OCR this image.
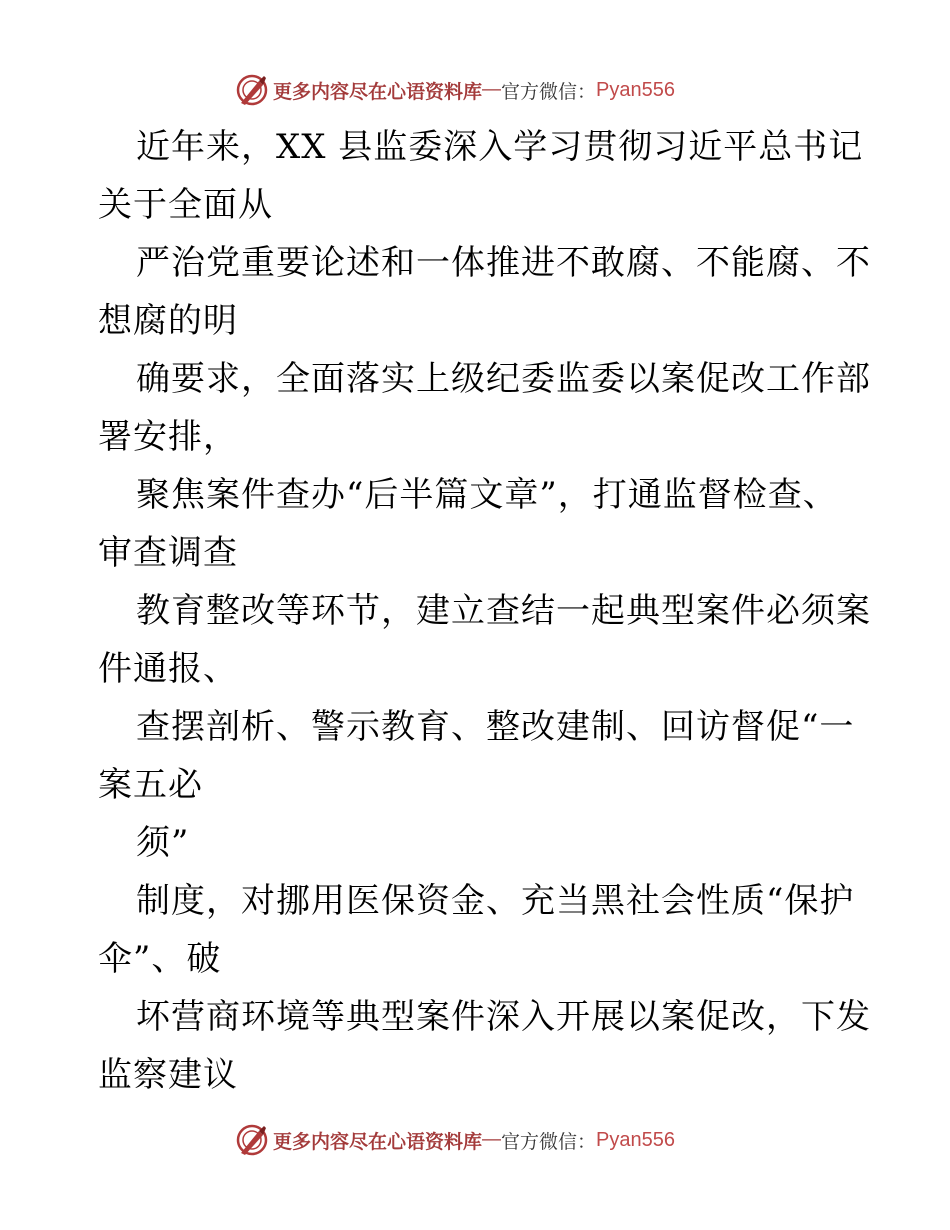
更多内容尽在心语资料库 — 官方微信： Pyan556
近年来，XX 县监委深入学习贯彻习近平总书记
关于全面从
严治党重要论述和一体推进不敢腐、不能腐、不
想腐的明
确要求，全面落实上级纪委监委以案促改工作部
署安排，
聚焦案件查办“后半篇文章”，打通监督检查、
审查调查
教育整改等环节，建立查结一起典型案件必须案
件通报、
查摆剖析、警示教育、整改建制、回访督促“一
案五必
须”
制度，对挪用医保资金、充当黑社会性质“保护
伞”、破
坏营商环境等典型案件深入开展以案促改，下发
监察建议
更多内容尽在心语资料库 — 官方微信： Pyan556
